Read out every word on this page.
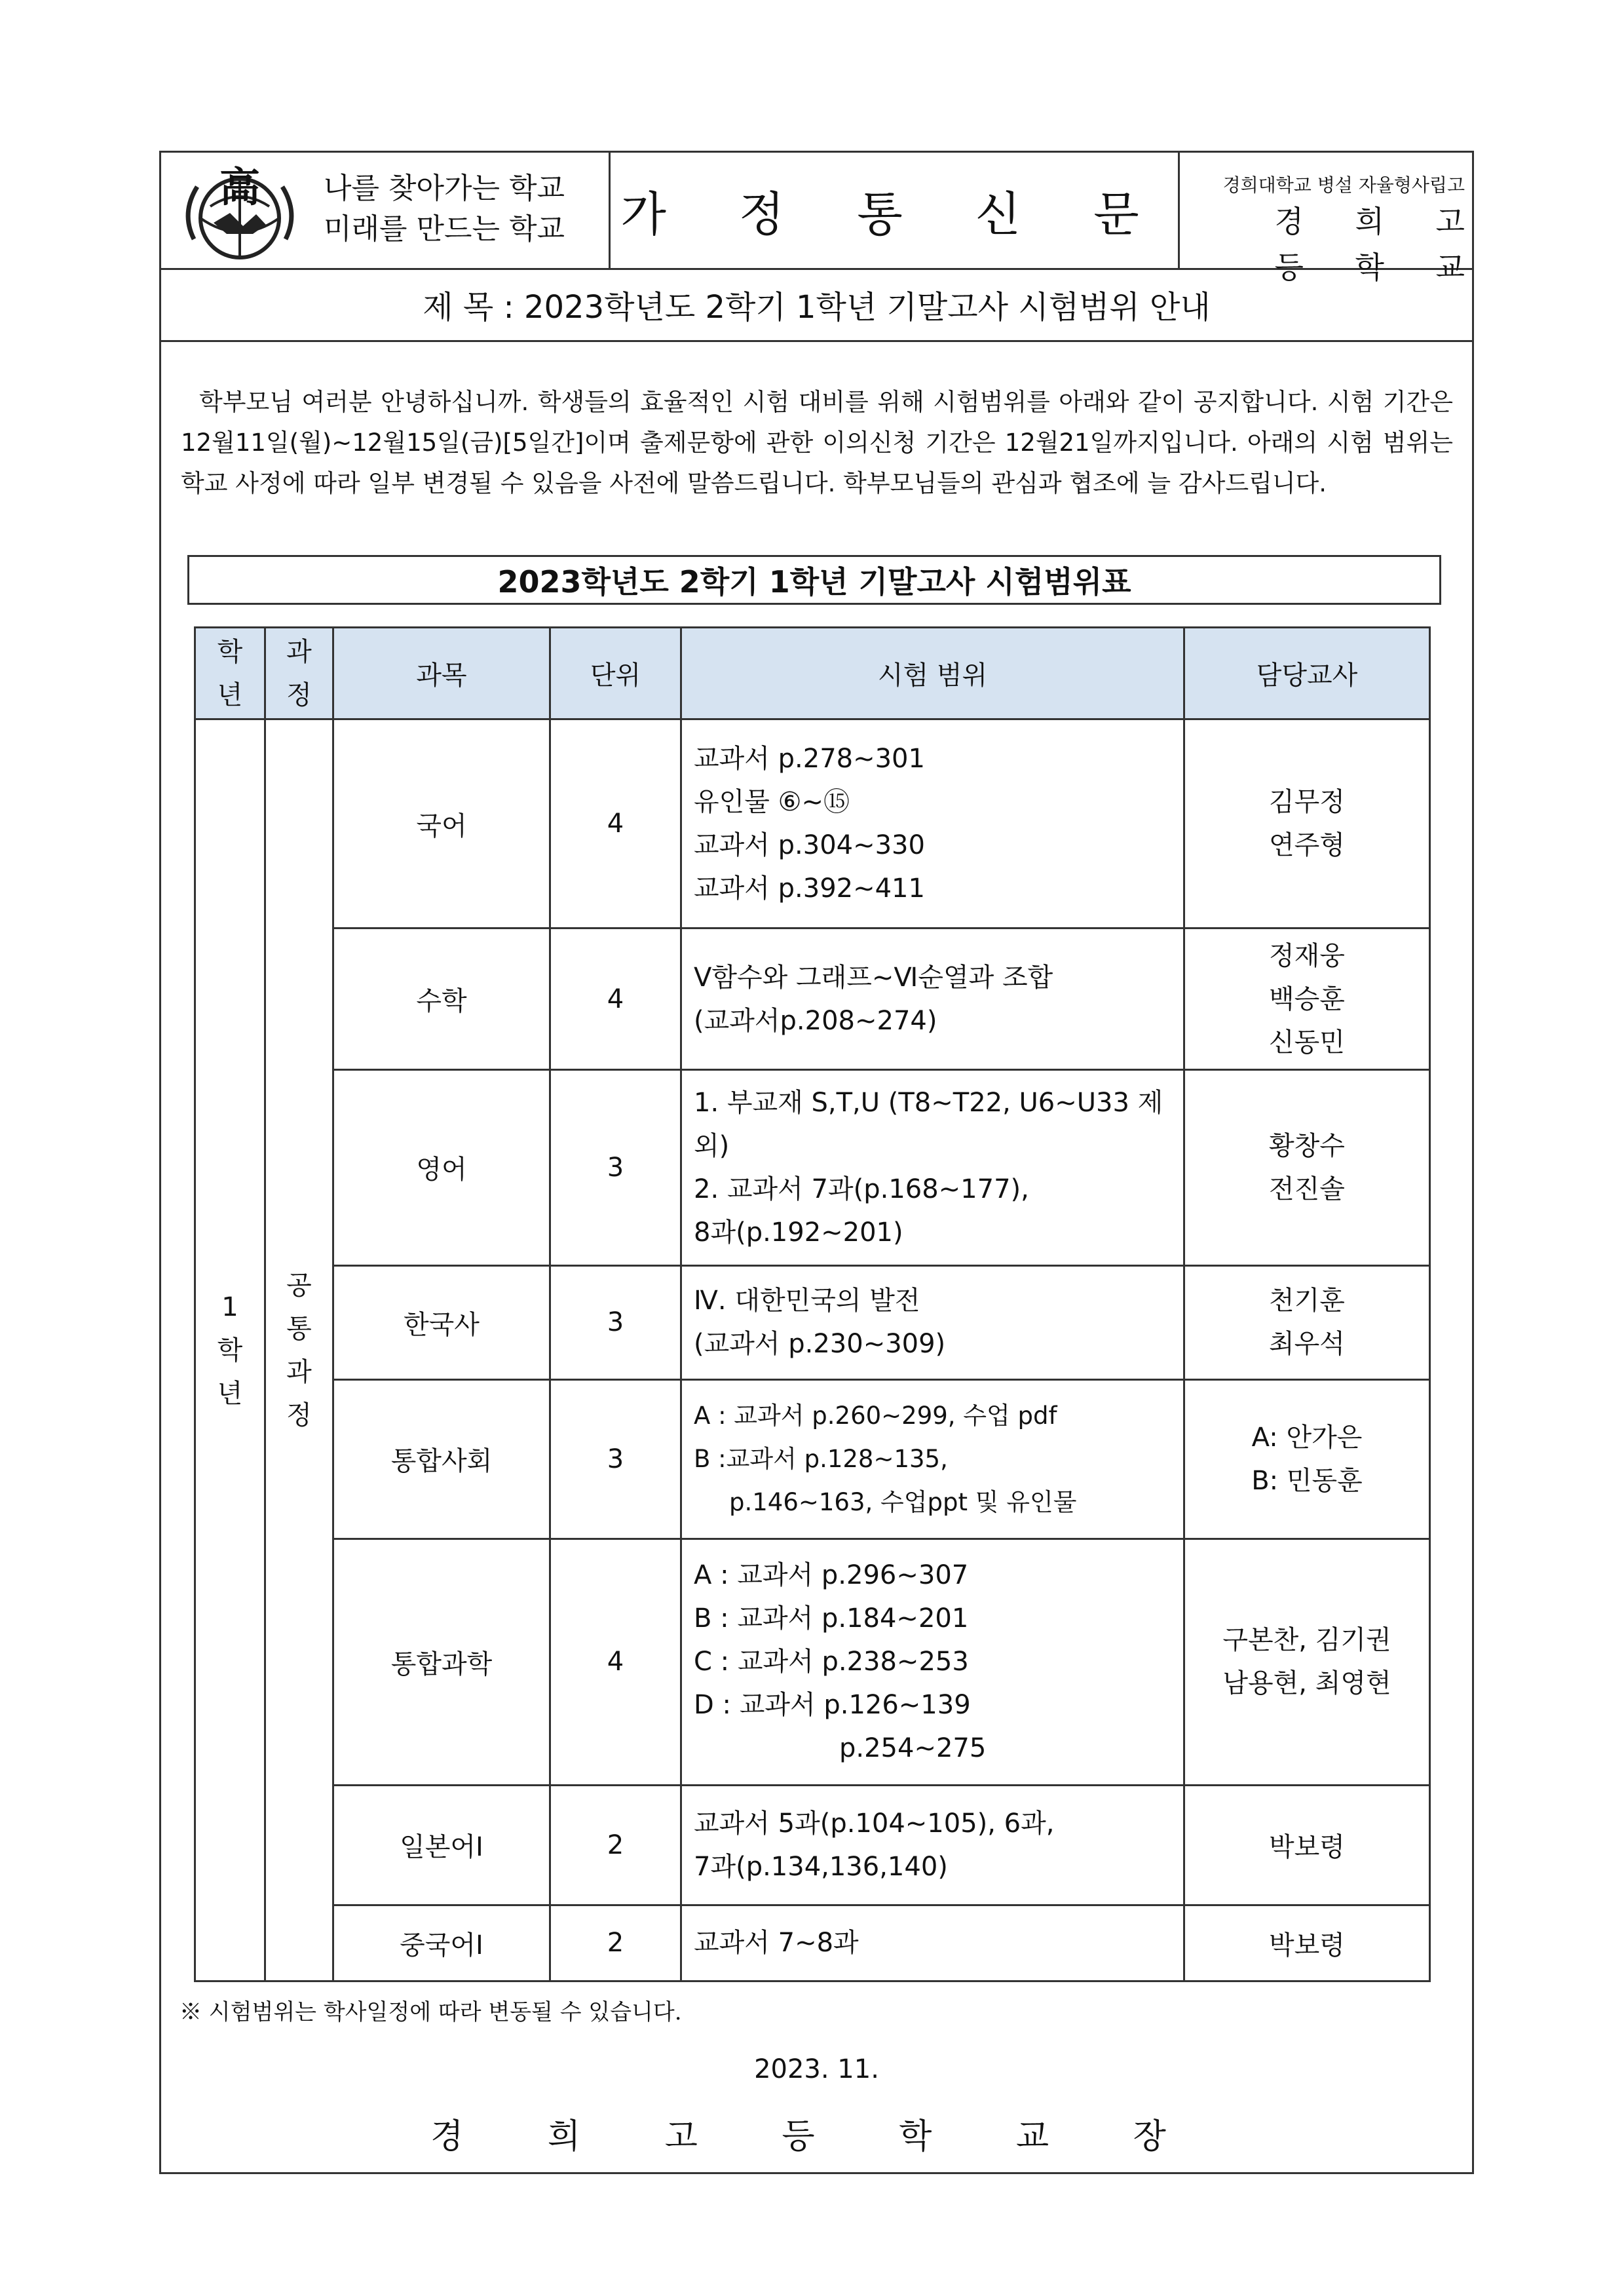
高 나를 찾아가는 학교
미래를 만드는 학교 가 정 통 신 문
경희대학교 병설 자율형사립고
경 희 고 등 학 교
제 목 : 2023학년도 2학기 1학년 기말고사 시험범위 안내
학부모님 여러분 안녕하십니까. 학생들의 효율적인 시험 대비를 위해 시험범위를 아래와 같이 공지합니다. 시험 기간은 12월11일(월)~12월15일(금)[5일간]이며 출제문항에 관한 이의신청 기간은 12월21일까지입니다. 아래의 시험 범위는 학교 사정에 따라 일부 변경될 수 있음을 사전에 말씀드립니다. 학부모님들의 관심과 협조에 늘 감사드립니다.
2023학년도 2학기 1학년 기말고사 시험범위표
학
년	과
정	과목	단위	시험 범위	담당교사

1
학
년	공
통
과
정	국어	4	교과서 p.278~301
유인물 ⑥~⑮
교과서 p.304~330
교과서 p.392~411	김무정
연주형

		수학	4	Ⅴ함수와 그래프~Ⅵ순열과 조합
(교과서p.208~274)	정재웅
백승훈
신동민

		영어	3	1. 부교재 S,T,U (T8~T22, U6~U33 제외)
2. 교과서 7과(p.168~177),
8과(p.192~201)	황창수
전진솔

		한국사	3	Ⅳ. 대한민국의 발전
(교과서 p.230~309)	천기훈
최우석

		통합사회	3	A : 교과서 p.260~299, 수업 pdf
B :교과서 p.128~135,
p.146~163, 수업ppt 및 유인물	A: 안가은
B: 민동훈

		통합과학	4	A : 교과서 p.296~307
B : 교과서 p.184~201
C : 교과서 p.238~253
D : 교과서 p.126~139
p.254~275	구본찬, 김기권
남용현, 최영현

		일본어Ⅰ	2	교과서 5과(p.104~105), 6과,
7과(p.134,136,140)	박보령

		중국어Ⅰ	2	교과서 7~8과	박보령
※ 시험범위는 학사일정에 따라 변동될 수 있습니다.
2023. 11.
경 희 고 등 학 교 장
